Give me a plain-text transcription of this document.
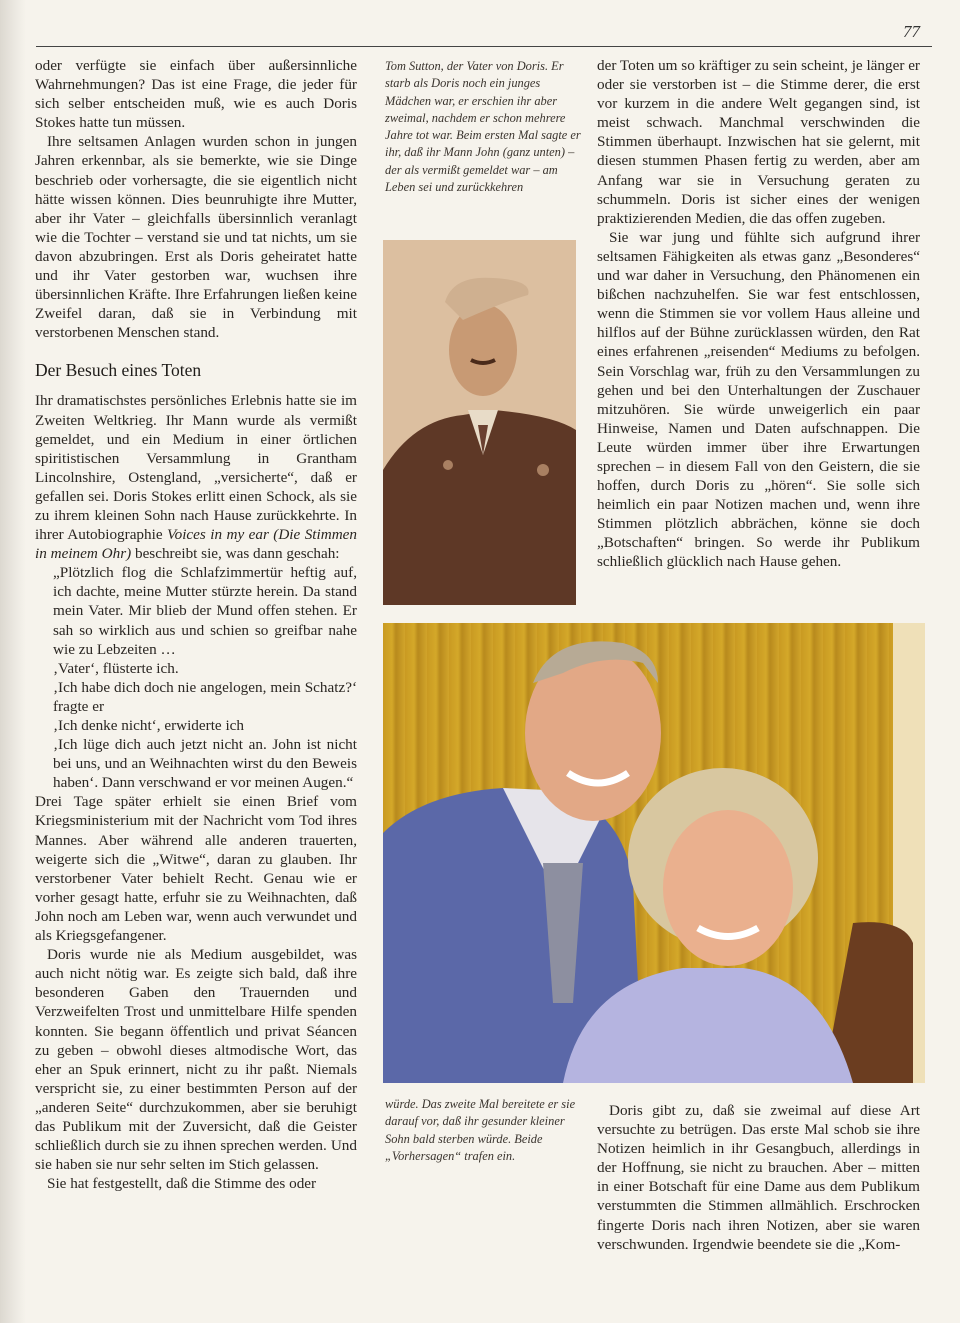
77

oder verfügte sie einfach über außersinnliche Wahrnehmungen? Das ist eine Frage, die jeder für sich selber entscheiden muß, wie es auch Doris Stokes hatte tun müssen.

Ihre seltsamen Anlagen wurden schon in jungen Jahren erkennbar, als sie bemerkte, wie sie Dinge beschrieb oder vorhersagte, die sie eigentlich nicht hätte wissen können. Dies beunruhigte ihre Mutter, aber ihr Vater – gleichfalls übersinnlich veranlagt wie die Tochter – verstand sie und tat nichts, um sie davon abzubringen. Erst als Doris geheiratet hatte und ihr Vater gestorben war, wuchsen ihre übersinnlichen Kräfte. Ihre Erfahrungen ließen keine Zweifel daran, daß sie in Verbindung mit verstorbenen Menschen stand.

Der Besuch eines Toten

Ihr dramatischstes persönliches Erlebnis hatte sie im Zweiten Weltkrieg. Ihr Mann wurde als vermißt gemeldet, und ein Medium in einer örtlichen spiritistischen Versammlung in Grantham Lincolnshire, Ostengland, „versicherte“, daß er gefallen sei. Doris Stokes erlitt einen Schock, als sie zu ihrem kleinen Sohn nach Hause zurückkehrte. In ihrer Autobiographie Voices in my ear (Die Stimmen in meinem Ohr) beschreibt sie, was dann geschah:

„Plötzlich flog die Schlafzimmertür heftig auf, ich dachte, meine Mutter stürzte herein. Da stand mein Vater. Mir blieb der Mund offen stehen. Er sah so wirklich aus und schien so greifbar nahe wie zu Lebzeiten …

‚Vater‘, flüsterte ich.

‚Ich habe dich doch nie angelogen, mein Schatz?‘ fragte er

‚Ich denke nicht‘, erwiderte ich

‚Ich lüge dich auch jetzt nicht an. John ist nicht bei uns, und an Weihnachten wirst du den Beweis haben‘. Dann verschwand er vor meinen Augen.“

Drei Tage später erhielt sie einen Brief vom Kriegsministerium mit der Nachricht vom Tod ihres Mannes. Aber während alle anderen trauerten, weigerte sich die „Witwe“, daran zu glauben. Ihr verstorbener Vater behielt Recht. Genau wie er vorher gesagt hatte, erfuhr sie zu Weihnachten, daß John noch am Leben war, wenn auch verwundet und als Kriegsgefangener.

Doris wurde nie als Medium ausgebildet, was auch nicht nötig war. Es zeigte sich bald, daß ihre besonderen Gaben den Trauernden und Verzweifelten Trost und unmittelbare Hilfe spenden konnten. Sie begann öffentlich und privat Séancen zu geben – obwohl dieses altmodische Wort, das eher an Spuk erinnert, nicht zu ihr paßt. Niemals verspricht sie, zu einer bestimmten Person auf der „anderen Seite“ durchzukommen, aber sie beruhigt das Publikum mit der Zuversicht, daß die Geister schließlich durch sie zu ihnen sprechen werden. Und sie haben sie nur sehr selten im Stich gelassen.

Sie hat festgestellt, daß die Stimme des oder

Tom Sutton, der Vater von Doris. Er starb als Doris noch ein junges Mädchen war, er erschien ihr aber zweimal, nachdem er schon mehrere Jahre tot war. Beim ersten Mal sagte er ihr, daß ihr Mann John (ganz unten) – der als vermißt gemeldet war – am Leben sei und zurückkehren

der Toten um so kräftiger zu sein scheint, je länger er oder sie verstorben ist – die Stimme derer, die erst vor kurzem in die andere Welt gegangen sind, ist meist schwach. Manchmal verschwinden die Stimmen überhaupt. Inzwischen hat sie gelernt, mit diesen stummen Phasen fertig zu werden, aber am Anfang war sie in Versuchung geraten zu schummeln. Doris ist sicher eines der wenigen praktizierenden Medien, die das offen zugeben.

Sie war jung und fühlte sich aufgrund ihrer seltsamen Fähigkeiten als etwas ganz „Besonderes“ und war daher in Versuchung, den Phänomenen ein bißchen nachzuhelfen. Sie war fest entschlossen, wenn die Stimmen sie vor vollem Haus alleine und hilflos auf der Bühne zurücklassen würden, den Rat eines erfahrenen „reisenden“ Mediums zu befolgen. Sein Vorschlag war, früh zu den Versammlungen zu gehen und bei den Unterhaltungen der Zuschauer mitzuhören. Sie würde unweigerlich ein paar Hinweise, Namen und Daten aufschnappen. Die Leute würden immer über ihre Erwartungen sprechen – in diesem Fall von den Geistern, die sie hoffen, durch Doris zu „hören“. Sie solle sich heimlich ein paar Notizen machen und, wenn ihre Stimmen plötzlich abbrächen, könne sie doch „Botschaften“ bringen. So werde ihr Publikum schließlich glücklich nach Hause gehen.

würde. Das zweite Mal bereitete er sie darauf vor, daß ihr gesunder kleiner Sohn bald sterben würde. Beide „Vorhersagen“ trafen ein.

Doris gibt zu, daß sie zweimal auf diese Art versuchte zu betrügen. Das erste Mal schob sie ihre Notizen heimlich in ihr Gesangbuch, allerdings in der Hoffnung, sie nicht zu brauchen. Aber – mitten in einer Botschaft für eine Dame aus dem Publikum verstummten die Stimmen allmählich. Erschrocken fingerte Doris nach ihren Notizen, aber sie waren verschwunden. Irgendwie beendete sie die „Kom-
